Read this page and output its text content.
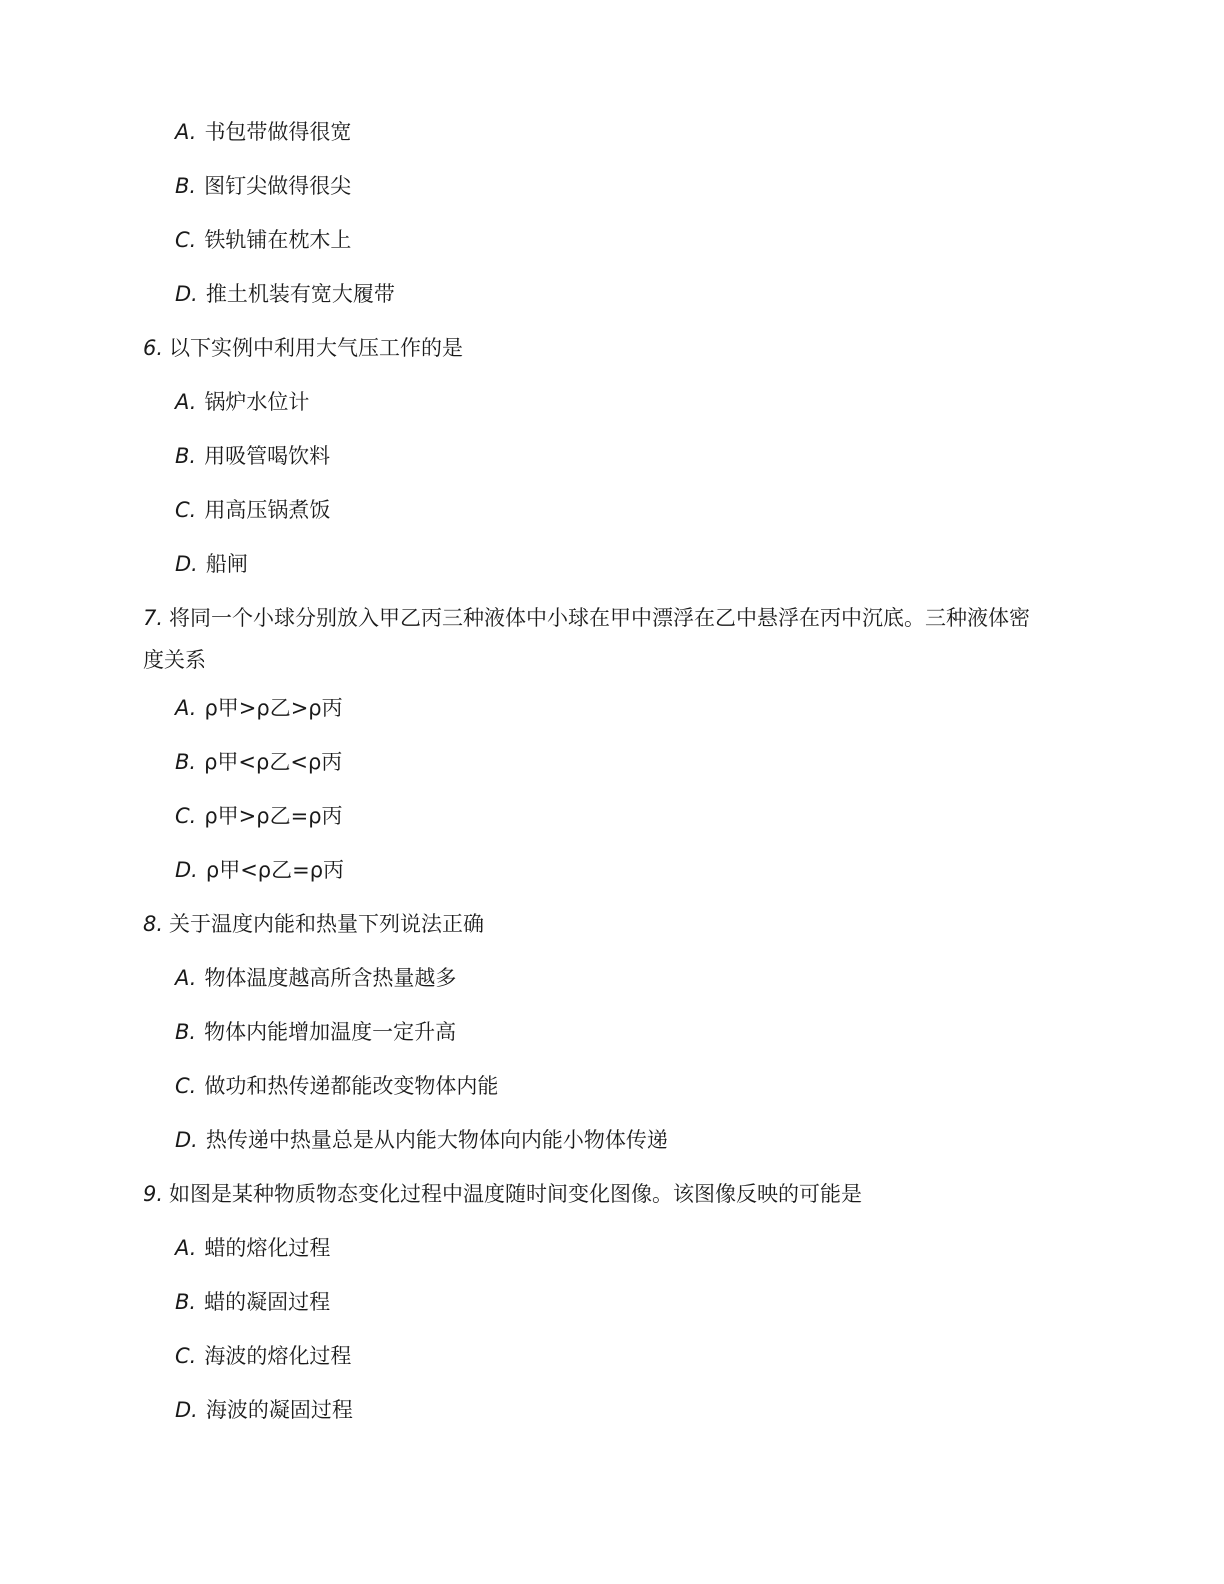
A. 书包带做得很宽
B. 图钉尖做得很尖
C. 铁轨铺在枕木上
D. 推土机装有宽大履带
6. 以下实例中利用大气压工作的是
A. 锅炉水位计
B. 用吸管喝饮料
C. 用高压锅煮饭
D. 船闸
7. 将同一个小球分别放入甲乙丙三种液体中小球在甲中漂浮在乙中悬浮在丙中沉底。三种液体密
度关系
A. ρ甲>ρ乙>ρ丙
B. ρ甲<ρ乙<ρ丙
C. ρ甲>ρ乙=ρ丙
D. ρ甲<ρ乙=ρ丙
8. 关于温度内能和热量下列说法正确
A. 物体温度越高所含热量越多
B. 物体内能增加温度一定升高
C. 做功和热传递都能改变物体内能
D. 热传递中热量总是从内能大物体向内能小物体传递
9. 如图是某种物质物态变化过程中温度随时间变化图像。该图像反映的可能是
A. 蜡的熔化过程
B. 蜡的凝固过程
C. 海波的熔化过程
D. 海波的凝固过程
